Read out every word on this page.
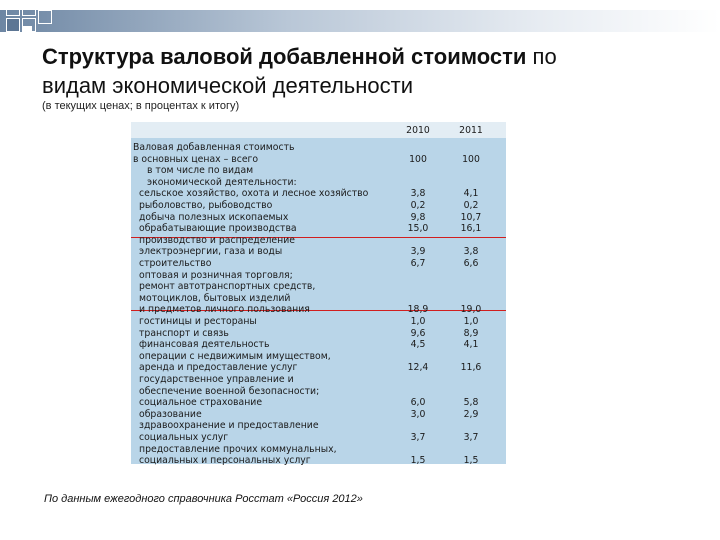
Структура валовой добавленной стоимости по
видам экономической деятельности
(в текущих ценах; в процентах к итогу)
2010	2011
Валовая добавленная стоимость
в основных ценах – всего	100	100
в том числе по видам
экономической деятельности:
сельское хозяйство, охота и лесное хозяйство	3,8	4,1
рыболовство, рыбоводство	0,2	0,2
добыча полезных ископаемых	9,8	10,7
обрабатывающие производства	15,0	16,1
производство и распределение
электроэнергии, газа и воды	3,9	3,8
строительство	6,7	6,6
оптовая и розничная торговля;
ремонт автотранспортных средств,
мотоциклов, бытовых изделий
и предметов личного пользования	18,9	19,0
гостиницы и рестораны	1,0	1,0
транспорт и связь	9,6	8,9
финансовая деятельность	4,5	4,1
операции с недвижимым имуществом,
аренда и предоставление услуг	12,4	11,6
государственное управление и
обеспечение военной безопасности;
социальное страхование	6,0	5,8
образование	3,0	2,9
здравоохранение и предоставление
социальных услуг	3,7	3,7
предоставление прочих коммунальных,
социальных и персональных услуг	1,5	1,5
По данным ежегодного справочника Росстат «Россия 2012»
